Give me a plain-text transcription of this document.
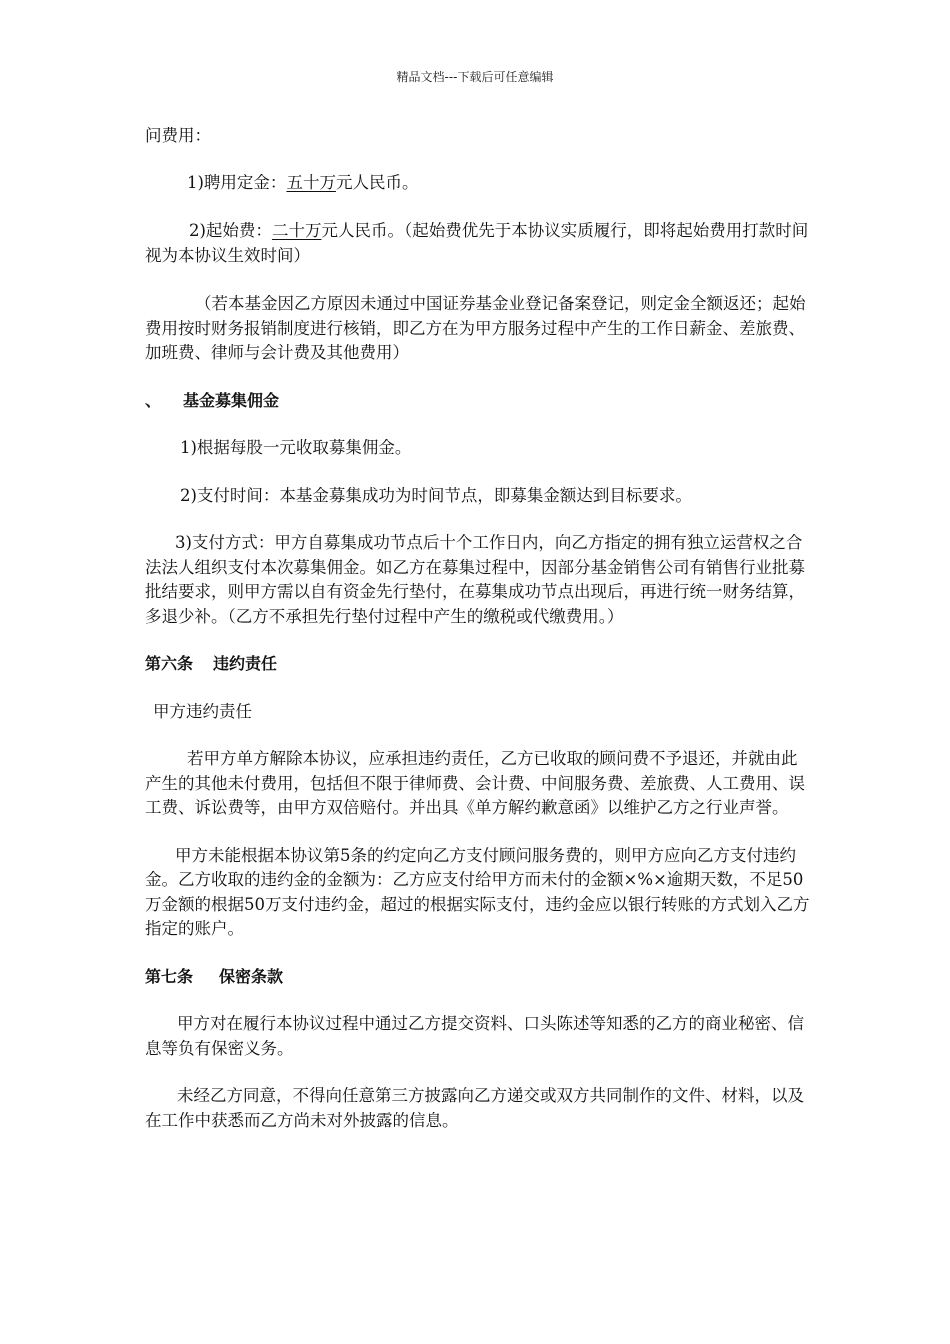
精品文档---下载后可任意编辑

问费用：

1)聘用定金：五十万元人民币。

2)起始费：二十万元人民币。（起始费优先于本协议实质履行，即将起始费用打款时间视为本协议生效时间）

（若本基金因乙方原因未通过中国证券基金业登记备案登记，则定金全额返还；起始费用按时财务报销制度进行核销，即乙方在为甲方服务过程中产生的工作日薪金、差旅费、加班费、律师与会计费及其他费用）

、 基金募集佣金

1)根据每股一元收取募集佣金。

2)支付时间：本基金募集成功为时间节点，即募集金额达到目标要求。

3)支付方式：甲方自募集成功节点后十个工作日内，向乙方指定的拥有独立运营权之合法法人组织支付本次募集佣金。如乙方在募集过程中，因部分基金销售公司有销售行业批募批结要求，则甲方需以自有资金先行垫付，在募集成功节点出现后，再进行统一财务结算，多退少补。（乙方不承担先行垫付过程中产生的缴税或代缴费用。）

第六条 违约责任

甲方违约责任

若甲方单方解除本协议，应承担违约责任，乙方已收取的顾问费不予退还，并就由此产生的其他未付费用，包括但不限于律师费、会计费、中间服务费、差旅费、人工费用、误工费、诉讼费等，由甲方双倍赔付。并出具《单方解约歉意函》以维护乙方之行业声誉。

甲方未能根据本协议第5条的约定向乙方支付顾问服务费的，则甲方应向乙方支付违约金。乙方收取的违约金的金额为：乙方应支付给甲方而未付的金额×%×逾期天数，不足50万金额的根据50万支付违约金，超过的根据实际支付，违约金应以银行转账的方式划入乙方指定的账户。

第七条 保密条款

甲方对在履行本协议过程中通过乙方提交资料、口头陈述等知悉的乙方的商业秘密、信息等负有保密义务。

未经乙方同意，不得向任意第三方披露向乙方递交或双方共同制作的文件、材料，以及在工作中获悉而乙方尚未对外披露的信息。
